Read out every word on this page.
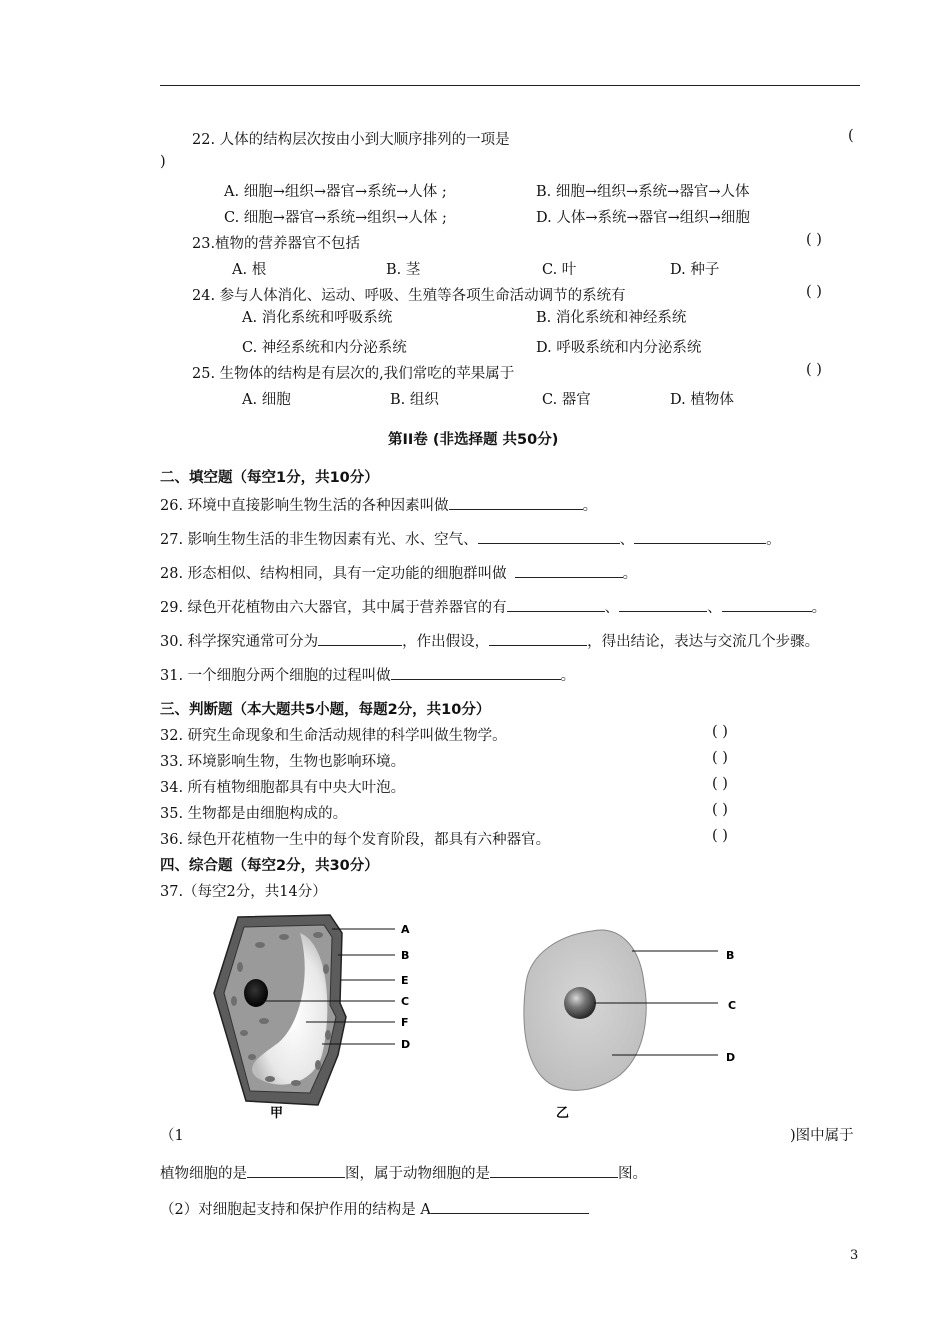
22. 人体的结构层次按由小到大顺序排列的一项是	(
)
A. 细胞→组织→器官→系统→人体 ;	B. 细胞→组织→系统→器官→人体
C. 细胞→器官→系统→组织→人体 ;	D. 人体→系统→器官→组织→细胞
23.植物的营养器官不包括	( )
A. 根	B. 茎	C. 叶	D. 种子
24. 参与人体消化、运动、呼吸、生殖等各项生命活动调节的系统有	( )
A. 消化系统和呼吸系统	B. 消化系统和神经系统
C. 神经系统和内分泌系统	D. 呼吸系统和内分泌系统
25. 生物体的结构是有层次的,我们常吃的苹果属于	( )
A. 细胞	B. 组织	C. 器官	D. 植物体
第II卷 (非选择题 共50分)
二、填空题（每空1分，共10分）
26. 环境中直接影响生物生活的各种因素叫做	。
27. 影响生物生活的非生物因素有光、水、空气、	、	。
28. 形态相似、结构相同，具有一定功能的细胞群叫做	。
29. 绿色开花植物由六大器官，其中属于营养器官的有	、	、	。
30. 科学探究通常可分为	，作出假设，	，得出结论，表达与交流几个步骤。
31. 一个细胞分两个细胞的过程叫做	。
三、判断题（本大题共5小题，每题2分，共10分）
32. 研究生命现象和生命活动规律的科学叫做生物学。	( )
33. 环境影响生物，生物也影响环境。	( )
34. 所有植物细胞都具有中央大叶泡。	( )
35. 生物都是由细胞构成的。	( )
36. 绿色开花植物一生中的每个发育阶段，都具有六种器官。	( )
四、综合题（每空2分，共30分）
37.（每空2分，共14分）
A
B
E
C
F
D
甲
B
C
D
乙
（1	)图中属于
植物细胞的是	图，属于动物细胞的是	图。
（2）对细胞起支持和保护作用的结构是 A
3
